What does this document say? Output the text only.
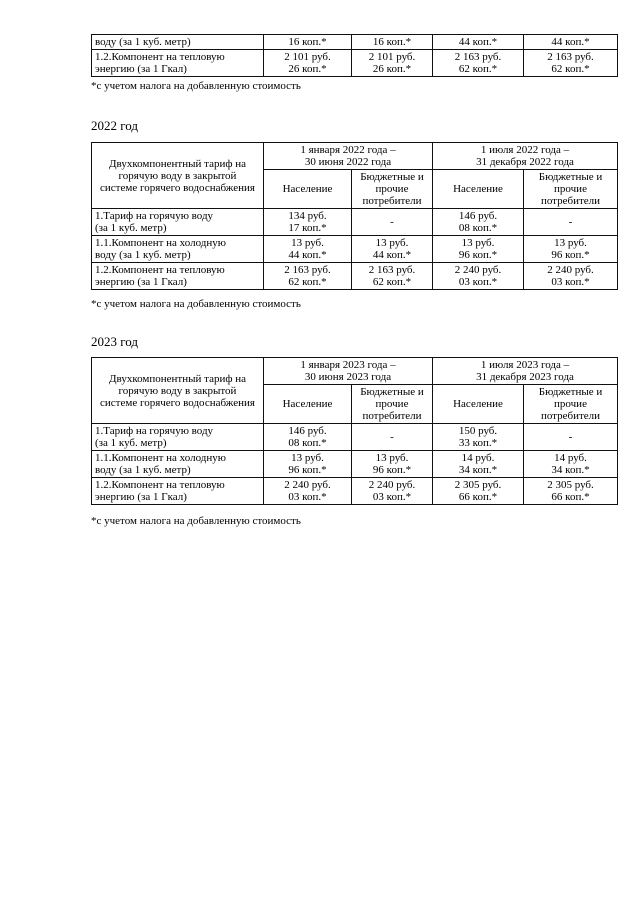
воду (за 1 куб. метр)	16 коп.*	16 коп.*	44 коп.*	44 коп.*

1.2.Компонент на тепловую
энергию (за 1 Гкал)	2 101 руб.
26 коп.*	2 101 руб.
26 коп.*	2 163 руб.
62 коп.*	2 163 руб.
62 коп.*
*с учетом налога на добавленную стоимость
2022 год
Двухкомпонентный тариф на
горячую воду в закрытой
системе горячего водоснабжения	1 января 2022 года –
30 июня 2022 года		1 июля 2022 года –
31 декабря 2022 года	

	Население	Бюджетные и
прочие
потребители	Население	Бюджетные и
прочие
потребители

1.Тариф на горячую воду
(за 1 куб. метр)	134 руб.
17 коп.*	-	146 руб.
08 коп.*	-

1.1.Компонент на холодную
воду (за 1 куб. метр)	13 руб.
44 коп.*	13 руб.
44 коп.*	13 руб.
96 коп.*	13 руб.
96 коп.*

1.2.Компонент на тепловую
энергию (за 1 Гкал)	2 163 руб.
62 коп.*	2 163 руб.
62 коп.*	2 240 руб.
03 коп.*	2 240 руб.
03 коп.*
*с учетом налога на добавленную стоимость
2023 год
Двухкомпонентный тариф на
горячую воду в закрытой
системе горячего водоснабжения	1 января 2023 года –
30 июня 2023 года		1 июля 2023 года –
31 декабря 2023 года	

	Население	Бюджетные и
прочие
потребители	Население	Бюджетные и
прочие
потребители

1.Тариф на горячую воду
(за 1 куб. метр)	146 руб.
08 коп.*	-	150 руб.
33 коп.*	-

1.1.Компонент на холодную
воду (за 1 куб. метр)	13 руб.
96 коп.*	13 руб.
96 коп.*	14 руб.
34 коп.*	14 руб.
34 коп.*

1.2.Компонент на тепловую
энергию (за 1 Гкал)	2 240 руб.
03 коп.*	2 240 руб.
03 коп.*	2 305 руб.
66 коп.*	2 305 руб.
66 коп.*
*с учетом налога на добавленную стоимость
